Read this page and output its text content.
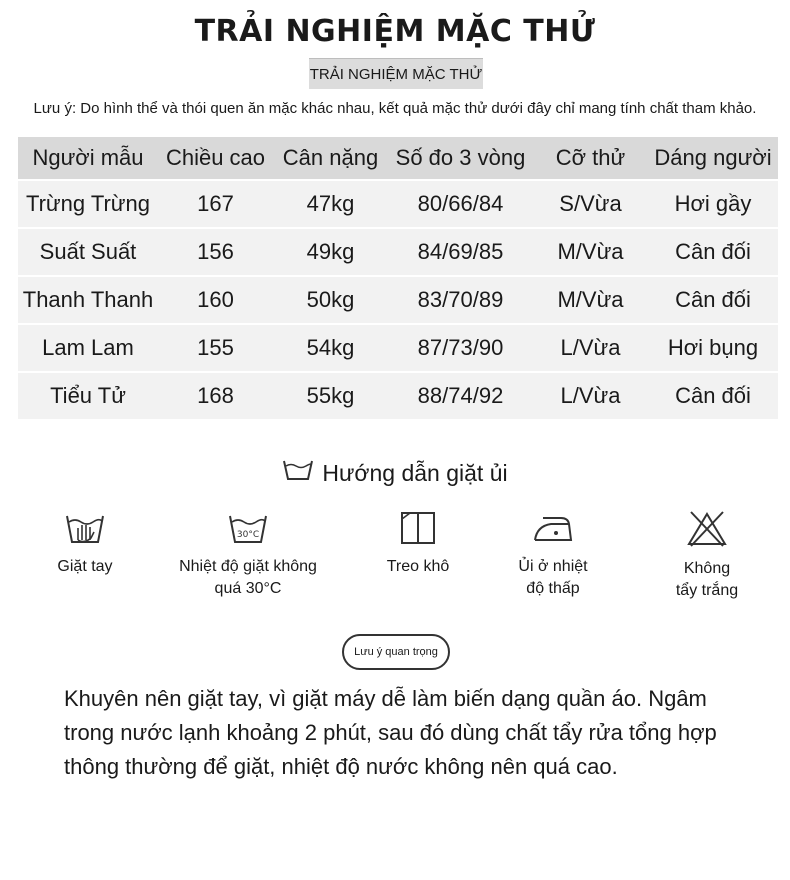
TRẢI NGHIỆM MẶC THỬ
TRẢI NGHIỆM MẶC THỬ
Lưu ý: Do hình thể và thói quen ăn mặc khác nhau, kết quả mặc thử dưới đây chỉ mang tính chất tham khảo.
Người mẫu	Chiều cao	Cân nặng	Số đo 3 vòng	Cỡ thử	Dáng người
Trừng Trừng	167	47kg	80/66/84	S/Vừa	Hơi gầy
Suất Suất	156	49kg	84/69/85	M/Vừa	Cân đối
Thanh Thanh	160	50kg	83/70/89	M/Vừa	Cân đối
Lam Lam	155	54kg	87/73/90	L/Vừa	Hơi bụng
Tiểu Tử	168	55kg	88/74/92	L/Vừa	Cân đối
Hướng dẫn giặt ủi
Giặt tay
30°C
Nhiệt độ giặt không
quá 30°C
Treo khô	Ủi ở nhiệt
độ thấp
Không
tẩy trắng
Lưu ý quan trọng
Khuyên nên giặt tay, vì giặt máy dễ làm biến dạng quần áo. Ngâm trong nước lạnh khoảng 2 phút, sau đó dùng chất tẩy rửa tổng hợp thông thường để giặt, nhiệt độ nước không nên quá cao.
